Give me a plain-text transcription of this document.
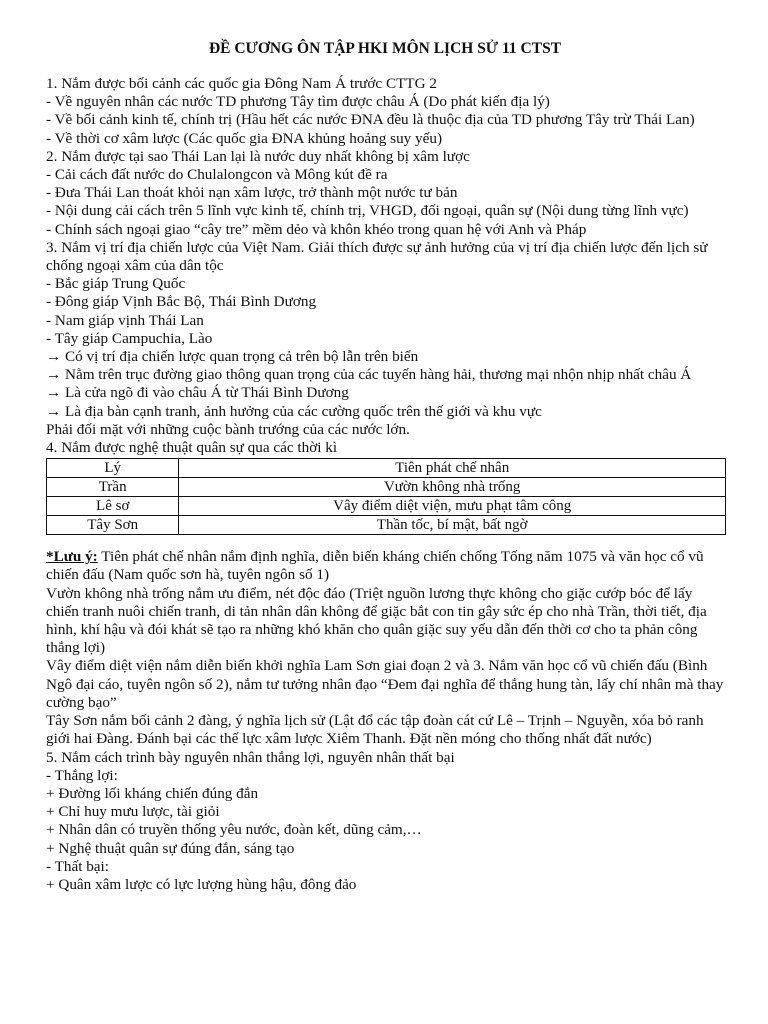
ĐỀ CƯƠNG ÔN TẬP HKI MÔN LỊCH SỬ 11 CTST

1. Nắm được bối cảnh các quốc gia Đông Nam Á trước CTTG 2

- Về nguyên nhân các nước TD phương Tây tìm được châu Á (Do phát kiến địa lý)

- Về bối cảnh kinh tế, chính trị (Hầu hết các nước ĐNA đều là thuộc địa của TD phương Tây trừ Thái Lan)

- Về thời cơ xâm lược (Các quốc gia ĐNA khủng hoảng suy yếu)

2. Nắm được tại sao Thái Lan lại là nước duy nhất không bị xâm lược

- Cải cách đất nước do Chulalongcon và Mông kút đề ra

- Đưa Thái Lan thoát khỏi nạn xâm lược, trở thành một nước tư bản

- Nội dung cải cách trên 5 lĩnh vực kinh tế, chính trị, VHGD, đối ngoại, quân sự (Nội dung từng lĩnh vực)

- Chính sách ngoại giao “cây tre” mềm dẻo và khôn khéo trong quan hệ với Anh và Pháp

3. Nắm vị trí địa chiến lược của Việt Nam. Giải thích được sự ảnh hưởng của vị trí địa chiến lược đến lịch sử chống ngoại xâm của dân tộc

- Bắc giáp Trung Quốc

- Đông giáp Vịnh Bắc Bộ, Thái Bình Dương

- Nam giáp vịnh Thái Lan

- Tây giáp Campuchia, Lào

→ Có vị trí địa chiến lược quan trọng cả trên bộ lẫn trên biển

→ Nằm trên trục đường giao thông quan trọng của các tuyến hàng hải, thương mại nhộn nhịp nhất châu Á

→ Là cửa ngõ đi vào châu Á từ Thái Bình Dương

→ Là địa bàn cạnh tranh, ảnh hưởng của các cường quốc trên thế giới và khu vực

Phải đối mặt với những cuộc bành trướng của các nước lớn.

4. Nắm được nghệ thuật quân sự qua các thời kì

Lý	Tiên phát chế nhân
Trần	Vườn không nhà trống
Lê sơ	Vây điểm diệt viện, mưu phạt tâm công
Tây Sơn	Thần tốc, bí mật, bất ngờ

*Lưu ý: Tiên phát chế nhân nắm định nghĩa, diễn biến kháng chiến chống Tống năm 1075 và văn học cổ vũ chiến đấu (Nam quốc sơn hà, tuyên ngôn số 1)

Vườn không nhà trống nắm ưu điểm, nét độc đáo (Triệt nguồn lương thực không cho giặc cướp bóc để lấy chiến tranh nuôi chiến tranh, di tản nhân dân không để giặc bắt con tin gây sức ép cho nhà Trần, thời tiết, địa hình, khí hậu và đói khát sẽ tạo ra những khó khăn cho quân giặc suy yếu dẫn đến thời cơ cho ta phản công thắng lợi)

Vây điểm diệt viện nắm diễn biến khởi nghĩa Lam Sơn giai đoạn 2 và 3. Nắm văn học cổ vũ chiến đấu (Bình Ngô đại cáo, tuyên ngôn số 2), nắm tư tưởng nhân đạo “Đem đại nghĩa để thắng hung tàn, lấy chí nhân mà thay cường bạo”

Tây Sơn nắm bối cảnh 2 đàng, ý nghĩa lịch sử (Lật đổ các tập đoàn cát cứ Lê – Trịnh – Nguyễn, xóa bỏ ranh giới hai Đàng. Đánh bại các thế lực xâm lược Xiêm Thanh. Đặt nền móng cho thống nhất đất nước)

5. Nắm cách trình bày nguyên nhân thắng lợi, nguyên nhân thất bại

- Thắng lợi:

+ Đường lối kháng chiến đúng đắn

+ Chỉ huy mưu lược, tài giỏi

+ Nhân dân có truyền thống yêu nước, đoàn kết, dũng cảm,…

+ Nghệ thuật quân sự đúng đắn, sáng tạo

- Thất bại:

+ Quân xâm lược có lực lượng hùng hậu, đông đảo
